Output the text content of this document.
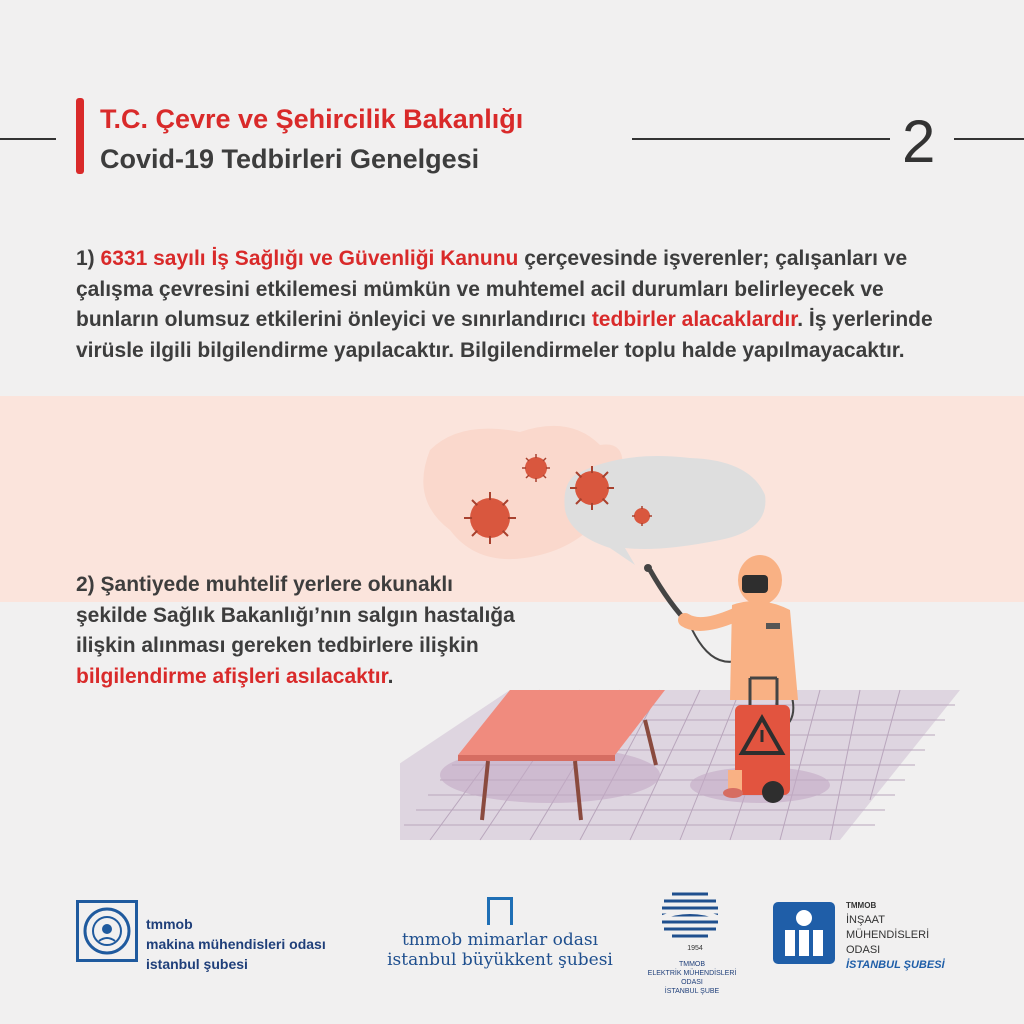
T.C. Çevre ve Şehircilik Bakanlığı
Covid-19 Tedbirleri Genelgesi	2

1) 6331 sayılı İş Sağlığı ve Güvenliği Kanunu çerçevesinde işverenler; çalışanları ve çalışma çevresini etkilemesi mümkün ve muhtemel acil durumları belirleyecek ve bunların olumsuz etkilerini önleyici ve sınırlandırıcı tedbirler alacaklardır. İş yerlerinde virüsle ilgili bilgilendirme yapılacaktır. Bilgilendirmeler toplu halde yapılmayacaktır.

2) Şantiyede muhtelif yerlere okunaklı şekilde Sağlık Bakanlığı’nın salgın hastalığa ilişkin alınması gereken tedbirlere ilişkin bilgilendirme afişleri asılacaktır.

tmmob
makina mühendisleri odası
istanbul şubesi
tmmob mimarlar odası
istanbul büyükkent şubesi
1954
TMMOB
ELEKTRİK MÜHENDİSLERİ ODASI
İSTANBUL ŞUBE
TMMOB
İNŞAAT
MÜHENDİSLERİ
ODASI
İSTANBUL ŞUBESİ
